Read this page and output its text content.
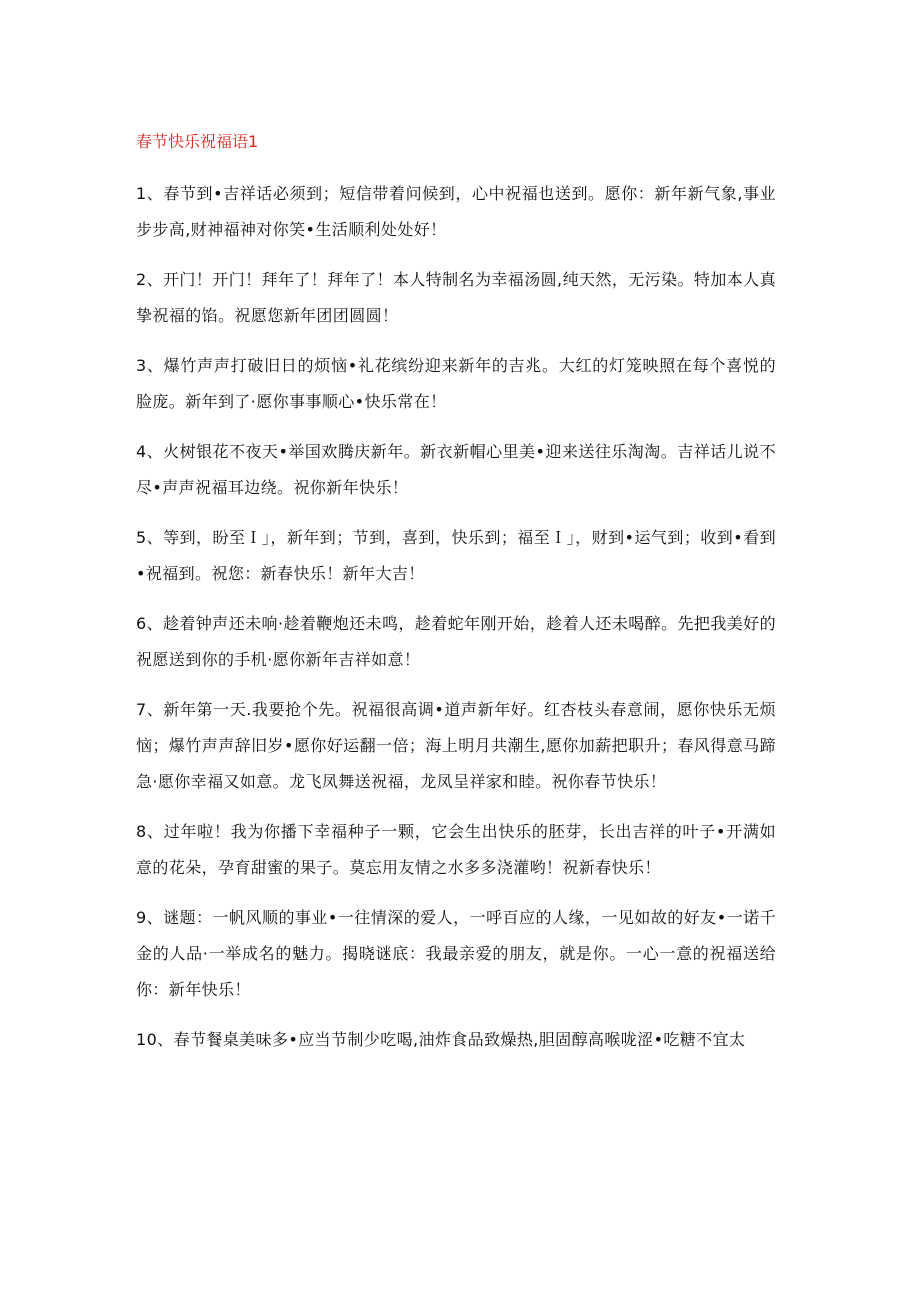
春节快乐祝福语1
1、春节到•吉祥话必须到；短信带着问候到，心中祝福也送到。愿你：新年新气象,事业步步高,财神福神对你笑•生活顺利处处好！
2、开门！开门！拜年了！拜年了！本人特制名为幸福汤圆,纯天然，无污染。特加本人真挚祝福的馅。祝愿您新年团团圆圆！
3、爆竹声声打破旧日的烦恼•礼花缤纷迎来新年的吉兆。大红的灯笼映照在每个喜悦的脸庞。新年到了·愿你事事顺心•快乐常在！
4、火树银花不夜天•举国欢腾庆新年。新衣新帽心里美•迎来送往乐淘淘。吉祥话儿说不尽•声声祝福耳边绕。祝你新年快乐！
5、等到，盼至Ｉ」，新年到；节到，喜到，快乐到；福至Ｉ」，财到•运气到；收到•看到•祝福到。祝您：新春快乐！新年大吉！
6、趁着钟声还未响·趁着鞭炮还未鸣，趁着蛇年刚开始，趁着人还未喝醉。先把我美好的祝愿送到你的手机·愿你新年吉祥如意！
7、新年第一天.我要抢个先。祝福很高调•道声新年好。红杏枝头春意闹，愿你快乐无烦恼；爆竹声声辞旧岁•愿你好运翻一倍；海上明月共潮生,愿你加薪把职升；春风得意马蹄急·愿你幸福又如意。龙飞凤舞送祝福，龙凤呈祥家和睦。祝你春节快乐！
8、过年啦！我为你播下幸福种子一颗，它会生出快乐的胚芽，长出吉祥的叶子•开满如意的花朵，孕育甜蜜的果子。莫忘用友情之水多多浇灌哟！祝新春快乐！
9、谜题：一帆风顺的事业•一往情深的爱人，一呼百应的人缘，一见如故的好友•一诺千金的人品·一举成名的魅力。揭晓谜底：我最亲爱的朋友，就是你。一心一意的祝福送给你：新年快乐！
10、春节餐桌美味多•应当节制少吃喝,油炸食品致燥热,胆固醇高喉咙涩•吃糖不宜太
